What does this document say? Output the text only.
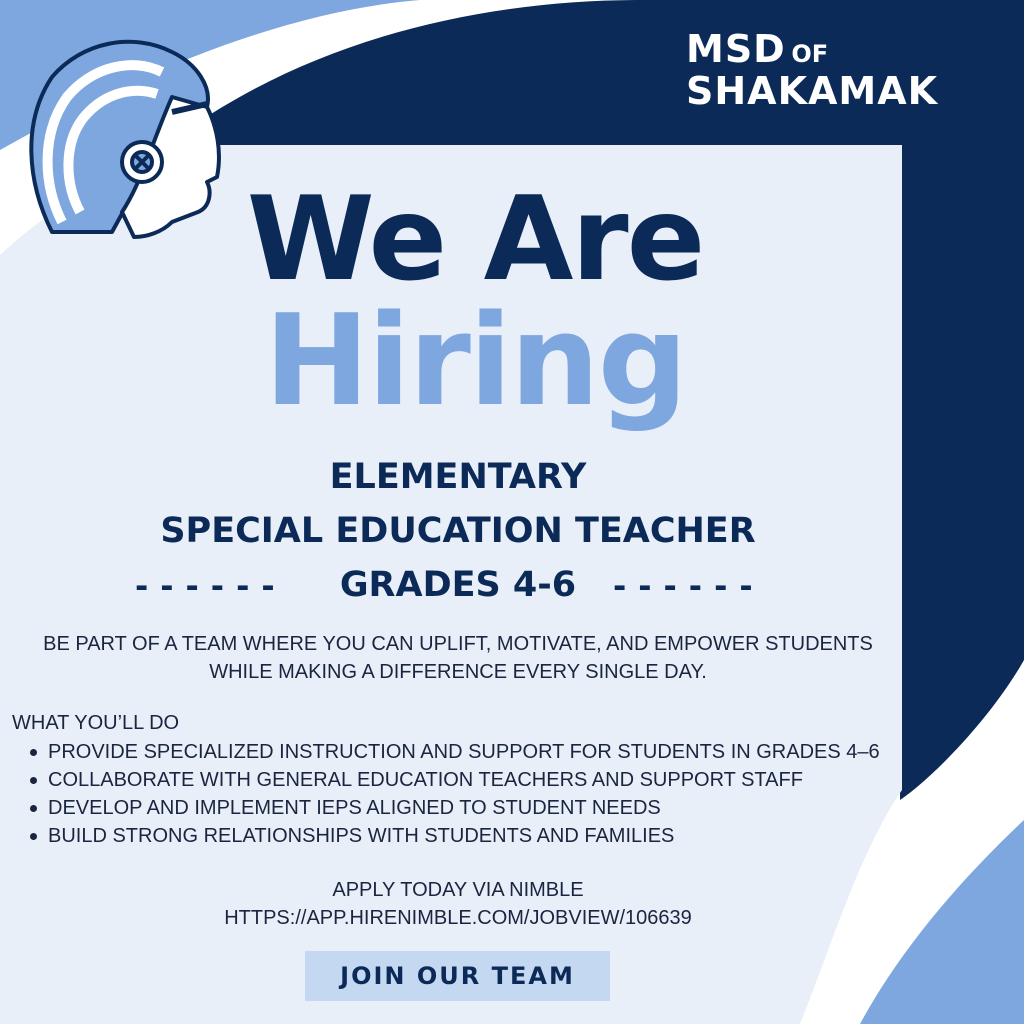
MSD OF
SHAKAMAK
We Are
Hiring
ELEMENTARY
SPECIAL EDUCATION TEACHER
------	GRADES 4-6	------
BE PART OF A TEAM WHERE YOU CAN UPLIFT, MOTIVATE, AND EMPOWER STUDENTS
WHILE MAKING A DIFFERENCE EVERY SINGLE DAY.
WHAT YOU’LL DO
PROVIDE SPECIALIZED INSTRUCTION AND SUPPORT FOR STUDENTS IN GRADES 4–6
COLLABORATE WITH GENERAL EDUCATION TEACHERS AND SUPPORT STAFF
DEVELOP AND IMPLEMENT IEPS ALIGNED TO STUDENT NEEDS
BUILD STRONG RELATIONSHIPS WITH STUDENTS AND FAMILIES
APPLY TODAY VIA NIMBLE
HTTPS://APP.HIRENIMBLE.COM/JOBVIEW/106639
JOIN OUR TEAM
